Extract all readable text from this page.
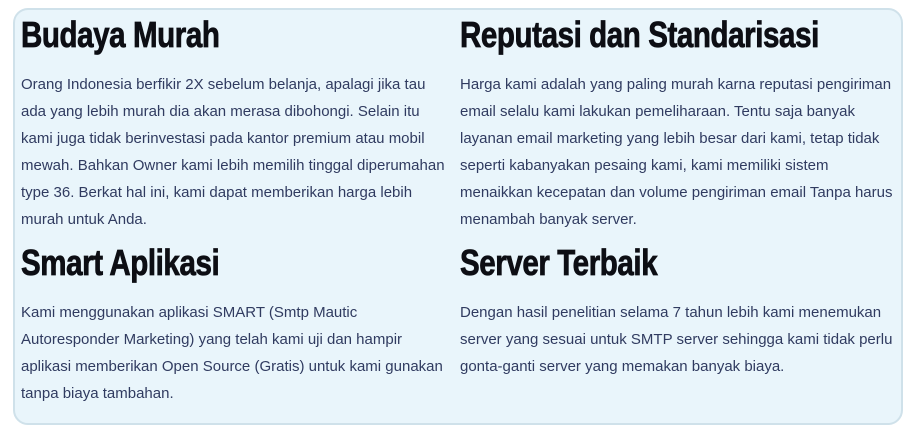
Budaya Murah

Orang Indonesia berfikir 2X sebelum belanja, apalagi jika tau ada yang lebih murah dia akan merasa dibohongi. Selain itu kami juga tidak berinvestasi pada kantor premium atau mobil mewah. Bahkan Owner kami lebih memilih tinggal diperumahan type 36. Berkat hal ini, kami dapat memberikan harga lebih murah untuk Anda.

Reputasi dan Standarisasi

Harga kami adalah yang paling murah karna reputasi pengiriman email selalu kami lakukan pemeliharaan. Tentu saja banyak layanan email marketing yang lebih besar dari kami, tetap tidak seperti kabanyakan pesaing kami, kami memiliki sistem menaikkan kecepatan dan volume pengiriman email Tanpa harus menambah banyak server.

Smart Aplikasi

Kami menggunakan aplikasi SMART (Smtp Mautic Autoresponder Marketing) yang telah kami uji dan hampir aplikasi memberikan Open Source (Gratis) untuk kami gunakan tanpa biaya tambahan.

Server Terbaik

Dengan hasil penelitian selama 7 tahun lebih kami menemukan server yang sesuai untuk SMTP server sehingga kami tidak perlu gonta-ganti server yang memakan banyak biaya.
